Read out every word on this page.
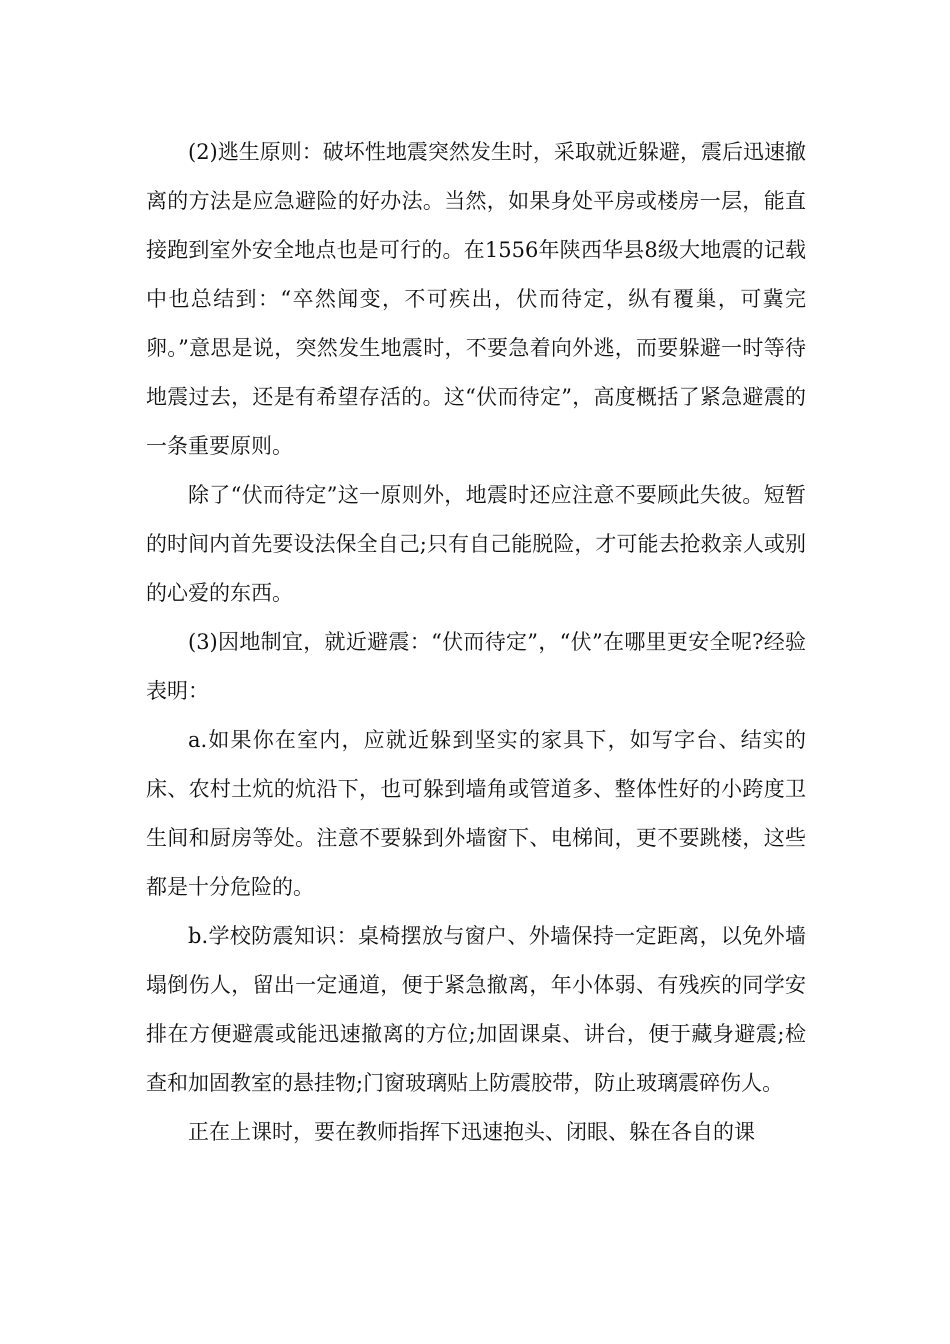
(2)逃生原则：破坏性地震突然发生时，采取就近躲避，震后迅速撤离的方法是应急避险的好办法。当然，如果身处平房或楼房一层，能直接跑到室外安全地点也是可行的。在1556年陕西华县8级大地震的记载中也总结到：“卒然闻变，不可疾出，伏而待定，纵有覆巢，可冀完卵。”意思是说，突然发生地震时，不要急着向外逃，而要躲避一时等待地震过去，还是有希望存活的。这“伏而待定”，高度概括了紧急避震的一条重要原则。

除了“伏而待定”这一原则外，地震时还应注意不要顾此失彼。短暂的时间内首先要设法保全自己;只有自己能脱险，才可能去抢救亲人或别的心爱的东西。

(3)因地制宜，就近避震：“伏而待定”，“伏”在哪里更安全呢?经验表明：

a.如果你在室内，应就近躲到坚实的家具下，如写字台、结实的床、农村土炕的炕沿下，也可躲到墙角或管道多、整体性好的小跨度卫生间和厨房等处。注意不要躲到外墙窗下、电梯间，更不要跳楼，这些都是十分危险的。

b.学校防震知识：桌椅摆放与窗户、外墙保持一定距离，以免外墙塌倒伤人，留出一定通道，便于紧急撤离，年小体弱、有残疾的同学安排在方便避震或能迅速撤离的方位;加固课桌、讲台，便于藏身避震;检查和加固教室的悬挂物;门窗玻璃贴上防震胶带，防止玻璃震碎伤人。

正在上课时，要在教师指挥下迅速抱头、闭眼、躲在各自的课
